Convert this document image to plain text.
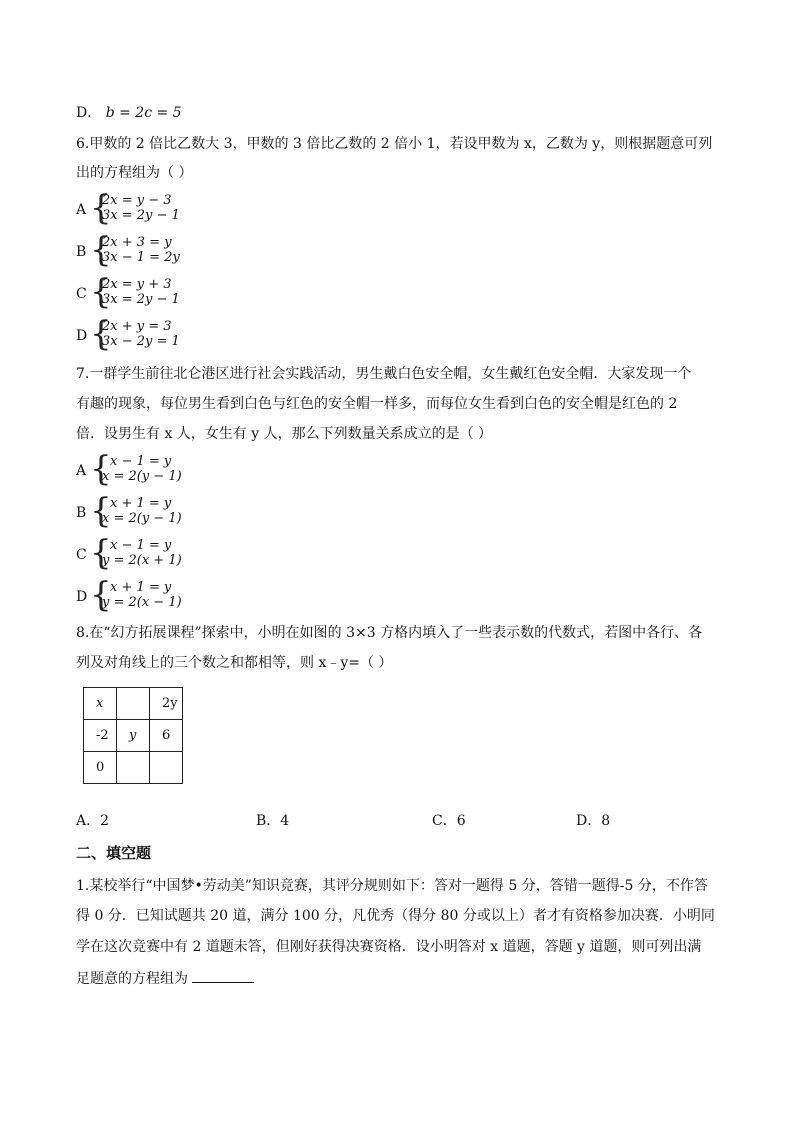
D． b = 2c = 5
6.甲数的 2 倍比乙数大 3，甲数的 3 倍比乙数的 2 倍小 1，若设甲数为 x，乙数为 y，则根据题意可列
出的方程组为（ ）
A {
2x = y − 3
3x = 2y − 1
B {
2x + 3 = y
3x − 1 = 2y
C {
2x = y + 3
3x = 2y − 1
D {
2x + y = 3
3x − 2y = 1
7.一群学生前往北仑港区进行社会实践活动，男生戴白色安全帽，女生戴红色安全帽．大家发现一个
有趣的现象，每位男生看到白色与红色的安全帽一样多，而每位女生看到白色的安全帽是红色的 2
倍．设男生有 x 人，女生有 y 人，那么下列数量关系成立的是（ ）
A {
x − 1 = y
x = 2(y − 1)
B {
x + 1 = y
x = 2(y − 1)
C {
x − 1 = y
y = 2(x + 1)
D {
x + 1 = y
y = 2(x − 1)
8.在“幻方拓展课程”探索中，小明在如图的 3×3 方格内填入了一些表示数的代数式，若图中各行、各
列及对角线上的三个数之和都相等，则 x﹣y=（ ）
x		2y
-2	y	6
0		
A．2	B．4	C．6	D．8
二、填空题
1.某校举行“中国梦•劳动美”知识竞赛，其评分规则如下：答对一题得 5 分，答错一题得-5 分，不作答
得 0 分．已知试题共 20 道，满分 100 分，凡优秀（得分 80 分或以上）者才有资格参加决赛．小明同
学在这次竞赛中有 2 道题未答，但刚好获得决赛资格．设小明答对 x 道题，答题 y 道题，则可列出满
足题意的方程组为
